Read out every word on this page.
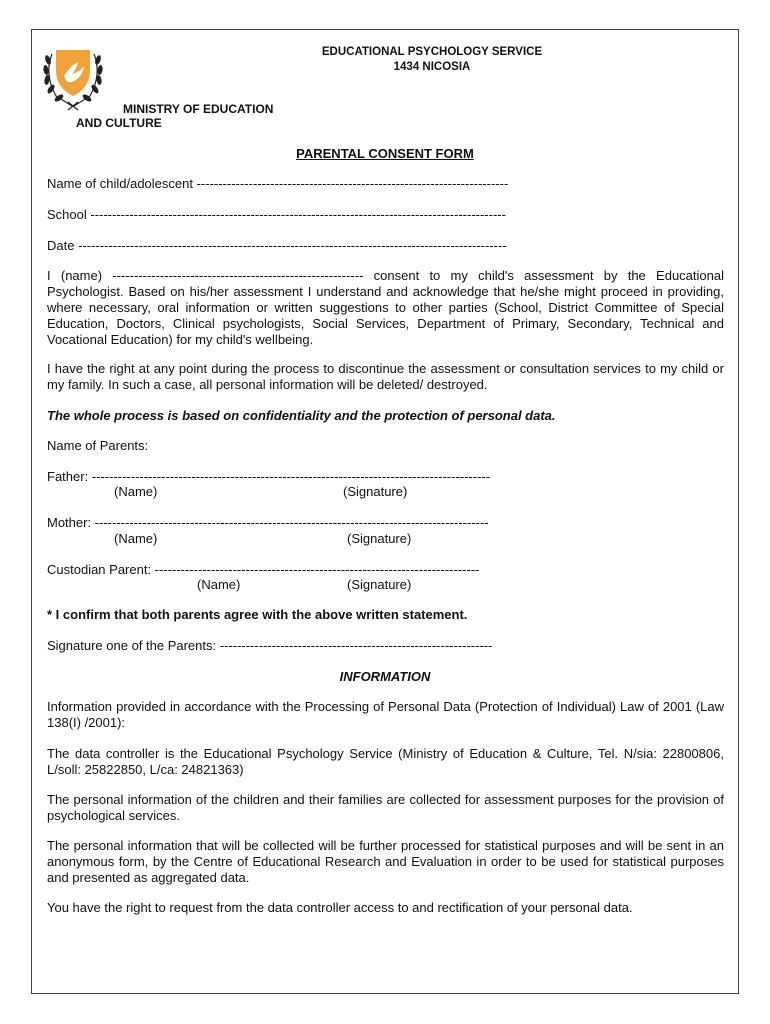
EDUCATIONAL PSYCHOLOGY SERVICE
1434 NICOSIA
MINISTRY OF EDUCATION
AND CULTURE
PARENTAL CONSENT FORM
Name of child/adolescent ------------------------------------------------------------------------
School ------------------------------------------------------------------------------------------------
Date ---------------------------------------------------------------------------------------------------
I (name) ---------------------------------------------------------- consent to my child's assessment by the Educational Psychologist. Based on his/her assessment I understand and acknowledge that he/she might proceed in providing, where necessary, oral information or written suggestions to other parties (School, District Committee of Special Education, Doctors, Clinical psychologists, Social Services, Department of Primary, Secondary, Technical and Vocational Education) for my child's wellbeing.
I have the right at any point during the process to discontinue the assessment or consultation services to my child or my family. In such a case, all personal information will be deleted/ destroyed.
The whole process is based on confidentiality and the protection of personal data.
Name of Parents:
Father: --------------------------------------------------------------------------------------------
(Name)	(Signature)
Mother: -------------------------------------------------------------------------------------------
(Name)	(Signature)
Custodian Parent: ---------------------------------------------------------------------------
(Name)	(Signature)
* I confirm that both parents agree with the above written statement.
Signature one of the Parents: ---------------------------------------------------------------
INFORMATION
Information provided in accordance with the Processing of Personal Data (Protection of Individual) Law of 2001 (Law 138(I) /2001):
The data controller is the Educational Psychology Service (Ministry of Education & Culture, Tel. N/sia: 22800806, L/soll: 25822850, L/ca: 24821363)
The personal information of the children and their families are collected for assessment purposes for the provision of psychological services.
The personal information that will be collected will be further processed for statistical purposes and will be sent in an anonymous form, by the Centre of Educational Research and Evaluation in order to be used for statistical purposes and presented as aggregated data.
You have the right to request from the data controller access to and rectification of your personal data.
